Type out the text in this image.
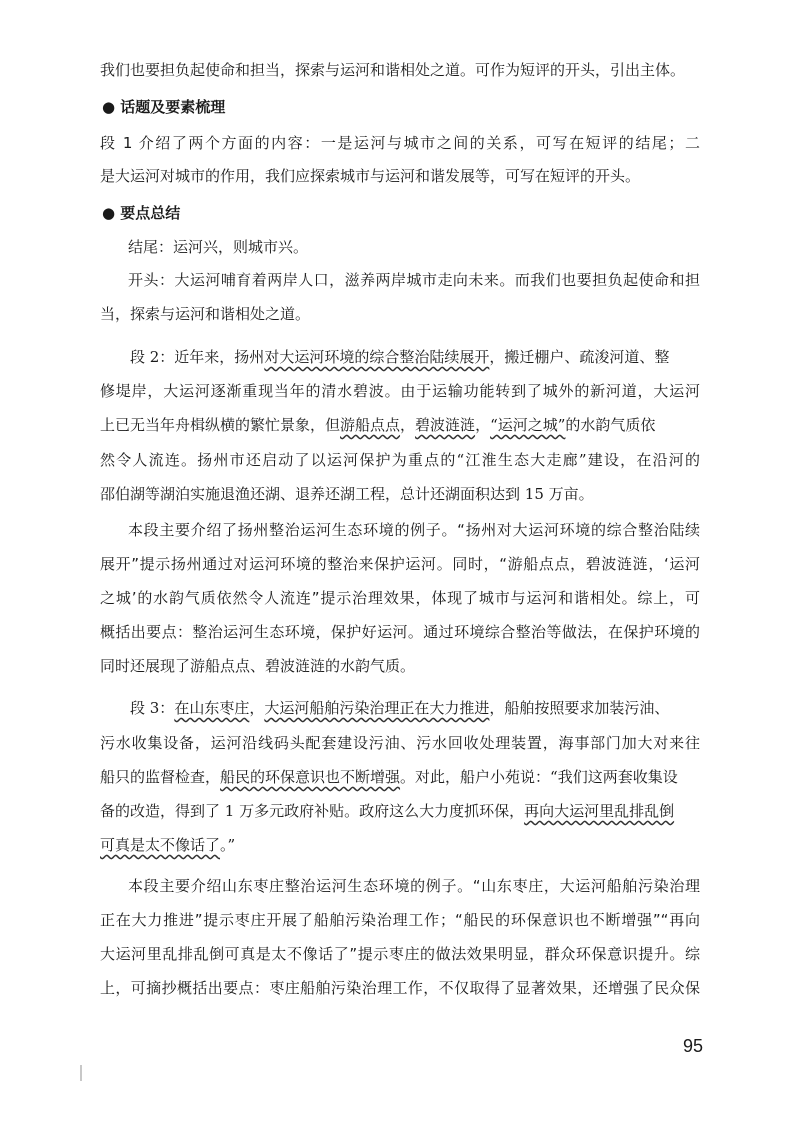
我们也要担负起使命和担当，探索与运河和谐相处之道。可作为短评的开头，引出主体。
● 话题及要素梳理
段 1 介绍了两个方面的内容：一是运河与城市之间的关系，可写在短评的结尾；二
是大运河对城市的作用，我们应探索城市与运河和谐发展等，可写在短评的开头。
● 要点总结
结尾：运河兴，则城市兴。
开头：大运河哺育着两岸人口，滋养两岸城市走向未来。而我们也要担负起使命和担
当，探索与运河和谐相处之道。
段 2：近年来，扬州对大运河环境的综合整治陆续展开，搬迁棚户、疏浚河道、整
修堤岸，大运河逐渐重现当年的清水碧波。由于运输功能转到了城外的新河道，大运河
上已无当年舟楫纵横的繁忙景象，但游船点点，碧波涟涟，“运河之城”的水韵气质依
然令人流连。扬州市还启动了以运河保护为重点的“江淮生态大走廊”建设，在沿河的
邵伯湖等湖泊实施退渔还湖、退养还湖工程，总计还湖面积达到 15 万亩。
本段主要介绍了扬州整治运河生态环境的例子。“扬州对大运河环境的综合整治陆续
展开”提示扬州通过对运河环境的整治来保护运河。同时，“游船点点，碧波涟涟，‘运河
之城’的水韵气质依然令人流连”提示治理效果，体现了城市与运河和谐相处。综上，可
概括出要点：整治运河生态环境，保护好运河。通过环境综合整治等做法，在保护环境的
同时还展现了游船点点、碧波涟涟的水韵气质。
段 3：在山东枣庄，大运河船舶污染治理正在大力推进，船舶按照要求加装污油、
污水收集设备，运河沿线码头配套建设污油、污水回收处理装置，海事部门加大对来往
船只的监督检查，船民的环保意识也不断增强。对此，船户小苑说：“我们这两套收集设
备的改造，得到了 1 万多元政府补贴。政府这么大力度抓环保，再向大运河里乱排乱倒
可真是太不像话了。”
本段主要介绍山东枣庄整治运河生态环境的例子。“山东枣庄，大运河船舶污染治理
正在大力推进”提示枣庄开展了船舶污染治理工作；“船民的环保意识也不断增强”“再向
大运河里乱排乱倒可真是太不像话了”提示枣庄的做法效果明显，群众环保意识提升。综
上，可摘抄概括出要点：枣庄船舶污染治理工作，不仅取得了显著效果，还增强了民众保
95
